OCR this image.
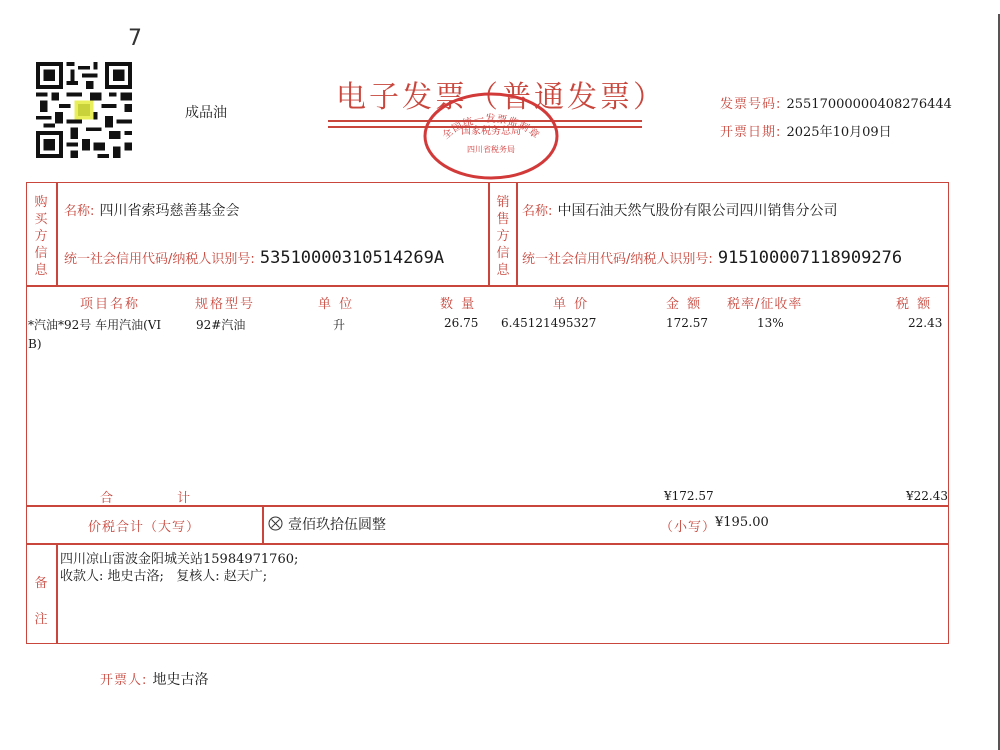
7
成品油	电子发票（普通发票）
全国统一发票监制章
国家税务总局
四川省税务局
发票号码: 25517000000408276444
开票日期: 2025年10月09日
购
买
方
信
息
名称: 四川省索玛慈善基金会
统一社会信用代码/纳税人识别号: 53510000310514269A
销
售
方
信
息
名称: 中国石油天然气股份有限公司四川销售分公司
统一社会信用代码/纳税人识别号: 915100007118909276
项目名称	规格型号	单 位	数 量	单 价	金 额 税率/征收率	税 额
*汽油*92号 车用汽油(VI
B)
92#汽油	升	26.75 6.45121495327	172.57	13%	22.43
合 计	¥172.57	¥22.43
价税合计（大写）	壹佰玖拾伍圆整	（小写）
¥195.00
备
注
四川凉山雷波金阳城关站15984971760;
收款人: 地史古洛;   复核人: 赵天广;
开票人: 地史古洛
